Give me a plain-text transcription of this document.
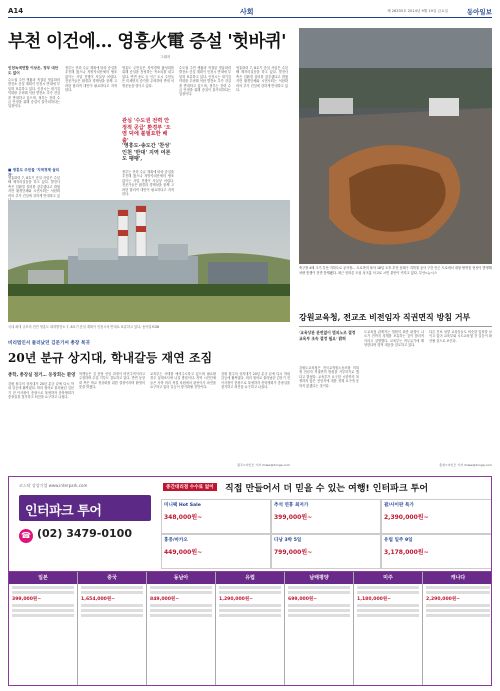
A14	사회	제 28335호 2014년 9월 19일 금요일	동아일보
부천 이건에… 영흥火電 증설 '헛바퀴'
그래픽
인천녹색연합 이상은, 정부 대안도 없어
수도권 주민 생활과 직결된 영흥화력발전소 증설 계획이 인천시 반대에 부딪혀 표류하고 있다. 인천시는 대기질 악화를 우려해 석탄 발전소 추가 건설을 반대하고 있으며, 정부는 전력 수급 안정을 위해 증설이 불가피하다는 입장이다.
■ 영흥도 주민들 '지역경제 살리자'
영흥화력 7, 8호기 증설 사업은 수년째 제자리걸음을 하고 있다. 발전사 측은 친환경 설비를 갖추겠다고 밝혔지만 환경단체와 시민사회는 석탄화력의 추가 건설에 강하게 반대하고 있
정부는 전력 수급 계획에 따라 증설을 추진해 왔으나 지방자치단체의 협조 없이는 사업 진행이 사실상 어렵다. 전문가들은 환경과 경제성을 함께 고려한 합리적 대안이 필요하다고 지적한다.
영흥도 주민들은 지역경제 활성화를 위해 증설을 찬성하는 목소리를 내고 있다. 반면 송도 등 인근 도시 주민들은 미세먼지 증가를 우려하며 반대 서명운동을 벌이고 있다.
관심 '수도권 전력 안정적 공급' 환경부 '오염 덕에 불필요한 배출'
'영흥도-송도간 '찬성' 인천 '반대' 지역 여론도 팽팽',
정부는 전력 수급 계획에 따라 증설을 추진해 왔으나 지방자치단체의 협조 없이는 사업 진행이 사실상 어렵다. 전문가들은 환경과 경제성을 함께 고려한 합리적 대안이 필요하다고 지적한다.
수도권 주민 생활과 직결된 영흥화력발전소 증설 계획이 인천시 반대에 부딪혀 표류하고 있다. 인천시는 대기질 악화를 우려해 석탄 발전소 추가 건설을 반대하고 있으며, 정부는 전력 수급 안정을 위해 증설이 불가피하다는 입장이다.
영흥화력 7, 8호기 증설 사업은 수년째 제자리걸음을 하고 있다. 발전사 측은 친환경 설비를 갖추겠다고 밝혔지만 환경단체와 시민사회는 석탄화력의 추가 건설에 강하게 반대하고 있다.
국내 최대 규모의 전진 영흥도 화력발전소 7, 8호기 증설 계획이 인천시의 반대로 표류하고 있다. 동아일보DB
축구장 4배 크기 부산 지하도로 공사장… 도로까지 폭삭 18일 오후 부산 동래구 지하철 공사 구간 인근 도로에서 대형 땅꺼짐 현상이 발생해 차량 통행이 전면 통제됐다. 최근 잇따른 도심 싱크홀 사고로 시민 불안이 커지고 있다. 부산=뉴시스
강원교육청, 전교조 비전임자 직권면직 방침 거부
'교육상관 관련없이 법외노조 결정 교육부 조속 결정 필요' 밝혀
강원도교육청은 전국교직원노동조합 미복귀 전임자 직권면직 방침을 거부하기로 했다고 밝혔다. 교육부가 요구한 시한까지 복귀하지 않은 전임자에 대한 징계 요구에 응하지 않겠다는 것이다.
도교육청 관계자는 법원의 최종 판결이 나오기 전까지 징계를 보류하는 것이 합리적이라고 설명했다. 교육부는 직무유기에 해당한다며 법적 대응을 검토하고 있다.
다른 진보 성향 교육감들도 비슷한 입장을 보이고 있어 교육부와 시도교육청 간 갈등이 확산될 것으로 보인다.
춘천=이인모 기자 imlee@donga.com
비리법인서 물러났던 김문기씨 총장 복귀
20년 분규 상지대, 학내갈등 재연 조짐
총학, 총장실 점거… 동창회는 환영
강원 원주의 상지대가 20년 분규 끝에 다시 학내 갈등에 휩싸였다. 비리 혐의로 물러났던 김문기 전 이사장이 총장으로 복귀하자 총학생회가 총장실을 점거하고 퇴진을 요구하고 나섰다.
학생들은 김 총장 선임 과정이 비민주적이라고 주장하며 수업 거부도 검토하고 있다. 반면 동창회 측은 학교 정상화를 위한 결정이라며 환영의 뜻을 밝혔다.
교육부는 사태를 예의주시하고 있으며 필요할 경우 실태조사에 나설 방침이다. 지역 시민단체들은 사학 비리 척결 차원에서 관선이사 파견을 요구하고 있어 갈등이 장기화될 전망이다.
강원 원주의 상지대가 20년 분규 끝에 다시 학내 갈등에 휩싸였다. 비리 혐의로 물러났던 김문기 전 이사장이 총장으로 복귀하자 총학생회가 총장실을 점거하고 퇴진을 요구하고 나섰다.
원주=이인모 기자 imlee@donga.com
코스닥 상장기업 www.interpark.com
인터파크 투어
☎ (02) 3479-0100
중간대리점 수수료 없이	직접 만들어서 더 믿을 수 있는 여행! 인터파크 투어
미니팩 Hot Sale
348,000원~
홍콩/마카오
449,000원~
추석 연휴 최저가
399,000원~
다낭 3박 5일
799,000원~
괌/사이판 특가
2,390,000원~
유럽 일주 9일
3,178,000원~
일본
399,000원~
중국
1,654,000원~
동남아
849,000원~
유럽
1,290,000원~
남태평양
699,000원~
미주
1,180,000원~
캐나다
2,290,000원~
